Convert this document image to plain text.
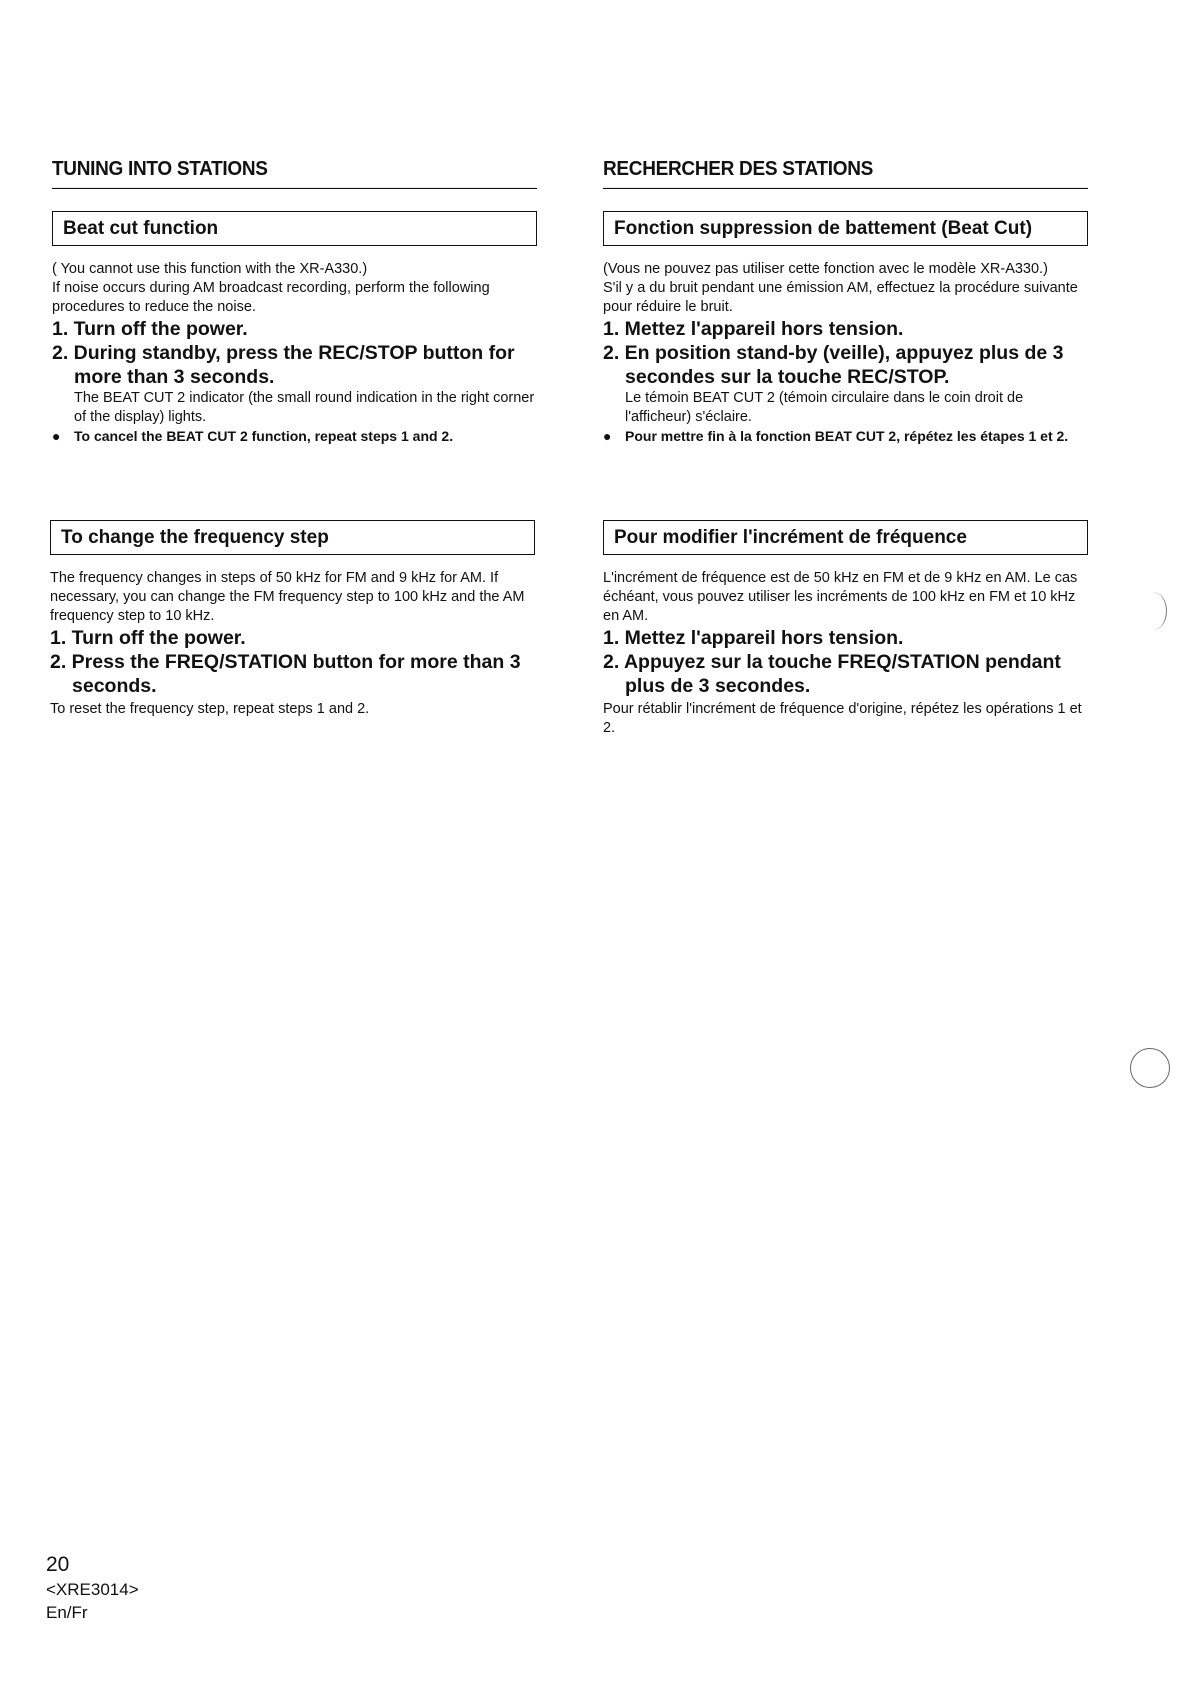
TUNING INTO STATIONS
Beat cut function
( You cannot use this function with the XR-A330.)
If noise occurs during AM broadcast recording, perform the following procedures to reduce the noise.
1. Turn off the power.
2. During standby, press the REC/STOP button for more than 3 seconds.
The BEAT CUT 2 indicator (the small round indication in the right corner of the display) lights.
● To cancel the BEAT CUT 2 function, repeat steps 1 and 2.
RECHERCHER DES STATIONS
Fonction suppression de battement (Beat Cut)
(Vous ne pouvez pas utiliser cette fonction avec le modèle XR-A330.)
S'il y a du bruit pendant une émission AM, effectuez la procédure suivante pour réduire le bruit.
1. Mettez l'appareil hors tension.
2. En position stand-by (veille), appuyez plus de 3 secondes sur la touche REC/STOP.
Le témoin BEAT CUT 2 (témoin circulaire dans le coin droit de l'afficheur) s'éclaire.
● Pour mettre fin à la fonction BEAT CUT 2, répétez les étapes 1 et 2.
To change the frequency step
The frequency changes in steps of 50 kHz for FM and 9 kHz for AM. If necessary, you can change the FM frequency step to 100 kHz and the AM frequency step to 10 kHz.
1. Turn off the power.
2. Press the FREQ/STATION button for more than 3 seconds.
To reset the frequency step, repeat steps 1 and 2.
Pour modifier l'incrément de fréquence
L'incrément de fréquence est de 50 kHz en FM et de 9 kHz en AM. Le cas échéant, vous pouvez utiliser les incréments de 100 kHz en FM et 10 kHz en AM.
1. Mettez l'appareil hors tension.
2. Appuyez sur la touche FREQ/STATION pendant plus de 3 secondes.
Pour rétablir l'incrément de fréquence d'origine, répétez les opérations 1 et 2.
20
<XRE3014>
En/Fr
